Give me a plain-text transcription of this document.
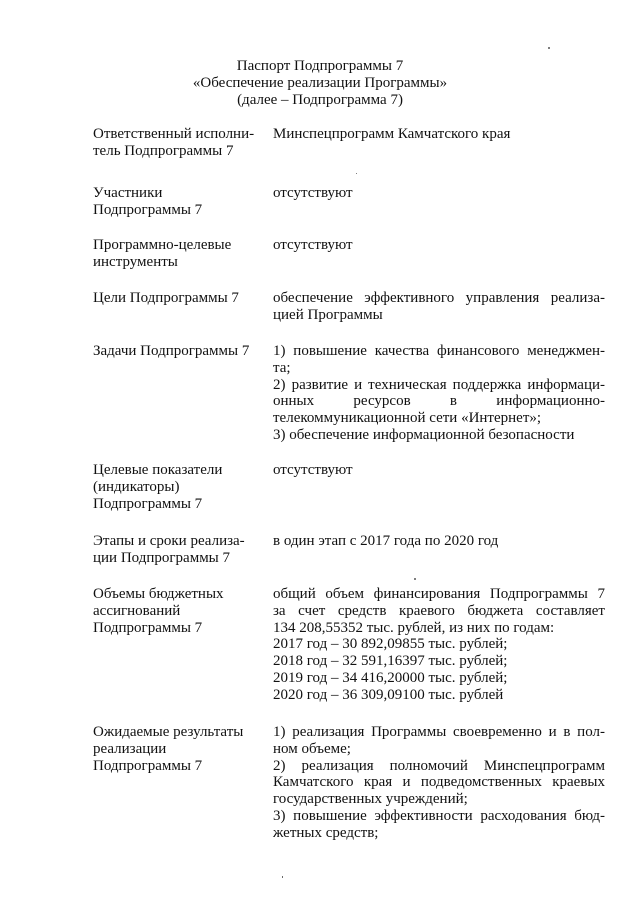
Паспорт Подпрограммы 7
«Обеспечение реализации Программы»
(далее – Подпрограмма 7)
Ответственный исполни-
тель Подпрограммы 7
Минспецпрограмм Камчатского края
Участники
Подпрограммы 7
отсутствуют
Программно-целевые
инструменты
отсутствуют
Цели Подпрограммы 7	обеспечение эффективного управления реализа-
цией Программы
Задачи Подпрограммы 7	1) повышение качества финансового менеджмен-
та;
2) развитие и техническая поддержка информаци-
онных ресурсов в информационно-
телекоммуникационной сети «Интернет»;
3) обеспечение информационной безопасности
Целевые показатели
(индикаторы)
Подпрограммы 7
отсутствуют
Этапы и сроки реализа-
ции Подпрограммы 7
в один этап с 2017 года по 2020 год
Объемы бюджетных
ассигнований
Подпрограммы 7
общий объем финансирования Подпрограммы 7
за счет средств краевого бюджета составляет
134 208,55352 тыс. рублей, из них по годам:
2017 год – 30 892,09855 тыс. рублей;
2018 год – 32 591,16397 тыс. рублей;
2019 год – 34 416,20000 тыс. рублей;
2020 год – 36 309,09100 тыс. рублей
Ожидаемые результаты
реализации
Подпрограммы 7
1) реализация Программы своевременно и в пол-
ном объеме;
2) реализация полномочий Минспецпрограмм
Камчатского края и подведомственных краевых
государственных учреждений;
3) повышение эффективности расходования бюд-
жетных средств;
